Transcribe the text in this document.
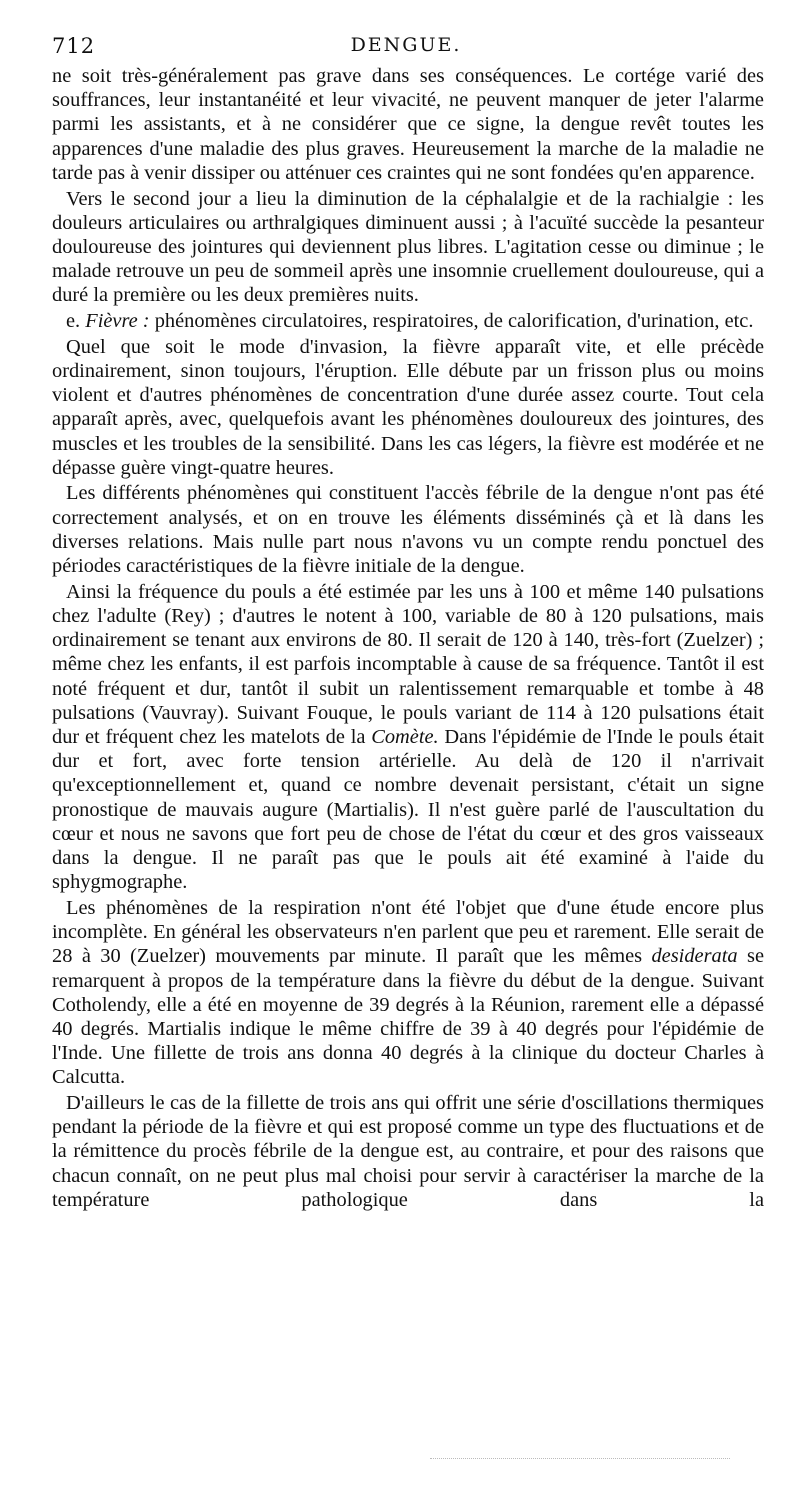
712	DENGUE.

ne soit très-généralement pas grave dans ses conséquences. Le cortége varié des souffrances, leur instantanéité et leur vivacité, ne peuvent manquer de jeter l'alarme parmi les assistants, et à ne considérer que ce signe, la dengue revêt toutes les apparences d'une maladie des plus graves. Heureusement la marche de la maladie ne tarde pas à venir dissiper ou atténuer ces craintes qui ne sont fondées qu'en apparence.

Vers le second jour a lieu la diminution de la céphalalgie et de la rachialgie : les douleurs articulaires ou arthralgiques diminuent aussi ; à l'acuïté succède la pesanteur douloureuse des jointures qui deviennent plus libres. L'agitation cesse ou diminue ; le malade retrouve un peu de sommeil après une insomnie cruellement douloureuse, qui a duré la première ou les deux premières nuits.

e. Fièvre : phénomènes circulatoires, respiratoires, de calorification, d'urination, etc.

Quel que soit le mode d'invasion, la fièvre apparaît vite, et elle précède ordinairement, sinon toujours, l'éruption. Elle débute par un frisson plus ou moins violent et d'autres phénomènes de concentration d'une durée assez courte. Tout cela apparaît après, avec, quelquefois avant les phénomènes douloureux des jointures, des muscles et les troubles de la sensibilité. Dans les cas légers, la fièvre est modérée et ne dépasse guère vingt-quatre heures.

Les différents phénomènes qui constituent l'accès fébrile de la dengue n'ont pas été correctement analysés, et on en trouve les éléments disséminés çà et là dans les diverses relations. Mais nulle part nous n'avons vu un compte rendu ponctuel des périodes caractéristiques de la fièvre initiale de la dengue.

Ainsi la fréquence du pouls a été estimée par les uns à 100 et même 140 pulsations chez l'adulte (Rey) ; d'autres le notent à 100, variable de 80 à 120 pulsations, mais ordinairement se tenant aux environs de 80. Il serait de 120 à 140, très-fort (Zuelzer) ; même chez les enfants, il est parfois incomptable à cause de sa fréquence. Tantôt il est noté fréquent et dur, tantôt il subit un ralentissement remarquable et tombe à 48 pulsations (Vauvray). Suivant Fouque, le pouls variant de 114 à 120 pulsations était dur et fréquent chez les matelots de la Comète. Dans l'épidémie de l'Inde le pouls était dur et fort, avec forte tension artérielle. Au delà de 120 il n'arrivait qu'exceptionnellement et, quand ce nombre devenait persistant, c'était un signe pronostique de mauvais augure (Martialis). Il n'est guère parlé de l'auscultation du cœur et nous ne savons que fort peu de chose de l'état du cœur et des gros vaisseaux dans la dengue. Il ne paraît pas que le pouls ait été examiné à l'aide du sphygmographe.

Les phénomènes de la respiration n'ont été l'objet que d'une étude encore plus incomplète. En général les observateurs n'en parlent que peu et rarement. Elle serait de 28 à 30 (Zuelzer) mouvements par minute. Il paraît que les mêmes desiderata se remarquent à propos de la température dans la fièvre du début de la dengue. Suivant Cotholendy, elle a été en moyenne de 39 degrés à la Réunion, rarement elle a dépassé 40 degrés. Martialis indique le même chiffre de 39 à 40 degrés pour l'épidémie de l'Inde. Une fillette de trois ans donna 40 degrés à la clinique du docteur Charles à Calcutta.

D'ailleurs le cas de la fillette de trois ans qui offrit une série d'oscillations thermiques pendant la période de la fièvre et qui est proposé comme un type des fluctuations et de la rémittence du procès fébrile de la dengue est, au contraire, et pour des raisons que chacun connaît, on ne peut plus mal choisi pour servir à caractériser la marche de la température pathologique dans la
